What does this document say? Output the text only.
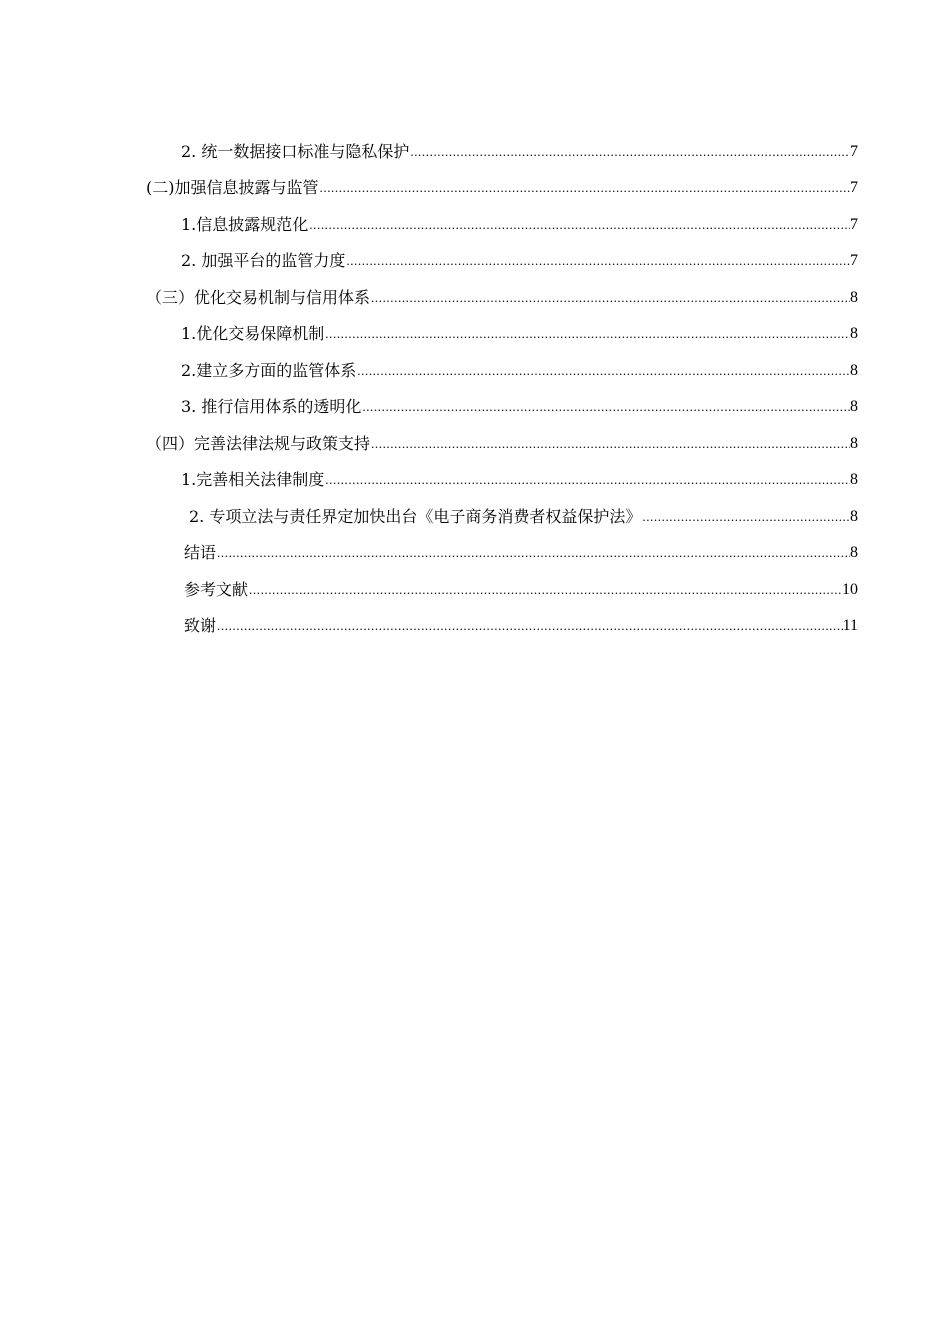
2. 统一数据接口标准与隐私保护 .....	7
(二)加强信息披露与监管 .....	7
1.信息披露规范化 .....	7
2. 加强平台的监管力度 .....	7
（三）优化交易机制与信用体系 .....	8
1.优化交易保障机制 .....	8
2.建立多方面的监管体系 .....	8
3. 推行信用体系的透明化 .....	8
（四）完善法律法规与政策支持 .....	8
1.完善相关法律制度 .....	8
2. 专项立法与责任界定加快出台《电子商务消费者权益保护法》 .....	8
结语 .....	8
参考文献 .....	10
致谢 .....	11
